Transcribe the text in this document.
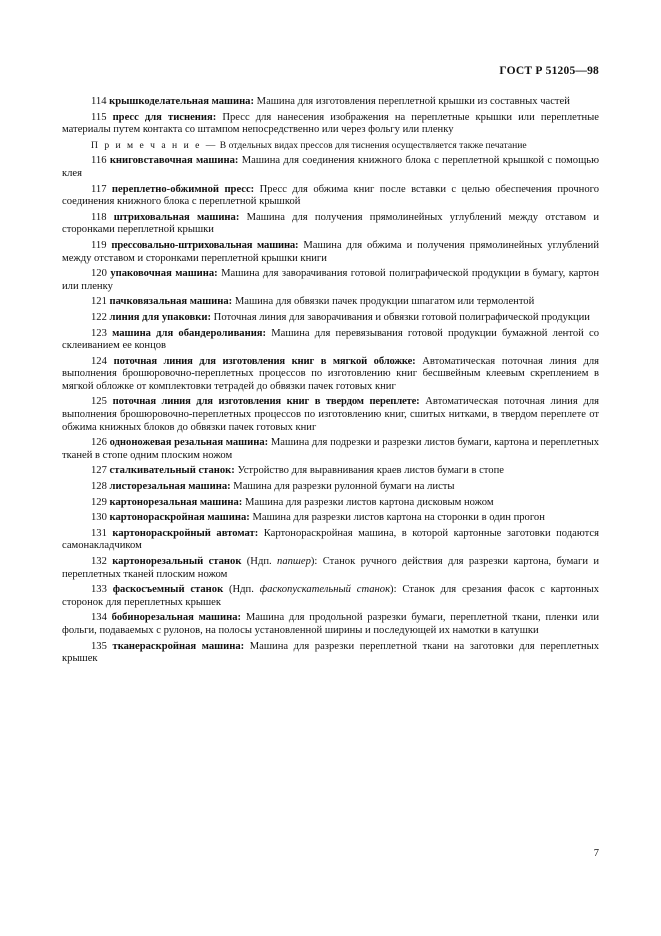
ГОСТ Р 51205—98

114 крышкоделательная машина: Машина для изготовления переплетной крышки из составных частей

115 пресс для тиснения: Пресс для нанесения изображения на переплетные крышки или переплетные материалы путем контакта со штампом непосредственно или через фольгу или пленку

П р и м е ч а н и е — В отдельных видах прессов для тиснения осуществляется также печатание

116 книговставочная машина: Машина для соединения книжного блока с переплетной крышкой с помощью клея

117 переплетно-обжимной пресс: Пресс для обжима книг после вставки с целью обеспечения прочного соединения книжного блока с переплетной крышкой

118 штриховальная машина: Машина для получения прямолинейных углублений между отставом и сторонками переплетной крышки

119 прессовально-штриховальная машина: Машина для обжима и получения прямолинейных углублений между отставом и сторонками переплетной крышки книги

120 упаковочная машина: Машина для заворачивания готовой полиграфической продукции в бумагу, картон или пленку

121 пачковязальная машина: Машина для обвязки пачек продукции шпагатом или термолентой

122 линия для упаковки: Поточная линия для заворачивания и обвязки готовой полиграфической продукции

123 машина для обандероливания: Машина для перевязывания готовой продукции бумажной лентой со склеиванием ее концов

124 поточная линия для изготовления книг в мягкой обложке: Автоматическая поточная линия для выполнения брошюровочно-переплетных процессов по изготовлению книг бесшвейным клеевым скреплением в мягкой обложке от комплектовки тетрадей до обвязки пачек готовых книг

125 поточная линия для изготовления книг в твердом переплете: Автоматическая поточная линия для выполнения брошюровочно-переплетных процессов по изготовлению книг, сшитых нитками, в твердом переплете от обжима книжных блоков до обвязки пачек готовых книг

126 одноножевая резальная машина: Машина для подрезки и разрезки листов бумаги, картона и переплетных тканей в стопе одним плоским ножом

127 сталкивательный станок: Устройство для выравнивания краев листов бумаги в стопе

128 листорезальная машина: Машина для разрезки рулонной бумаги на листы

129 картонорезальная машина: Машина для разрезки листов картона дисковым ножом

130 картонораскройная машина: Машина для разрезки листов картона на сторонки в один прогон

131 картонораскройный автомат: Картонораскройная машина, в которой картонные заготовки подаются самонакладчиком

132 картонорезальный станок (Ндп. папшер): Станок ручного действия для разрезки картона, бумаги и переплетных тканей плоским ножом

133 фаскосъемный станок (Ндп. фаскопускательный станок): Станок для срезания фасок с картонных сторонок для переплетных крышек

134 бобинорезальная машина: Машина для продольной разрезки бумаги, переплетной ткани, пленки или фольги, подаваемых с рулонов, на полосы установленной ширины и последующей их намотки в катушки

135 тканераскройная машина: Машина для разрезки переплетной ткани на заготовки для переплетных крышек

7
